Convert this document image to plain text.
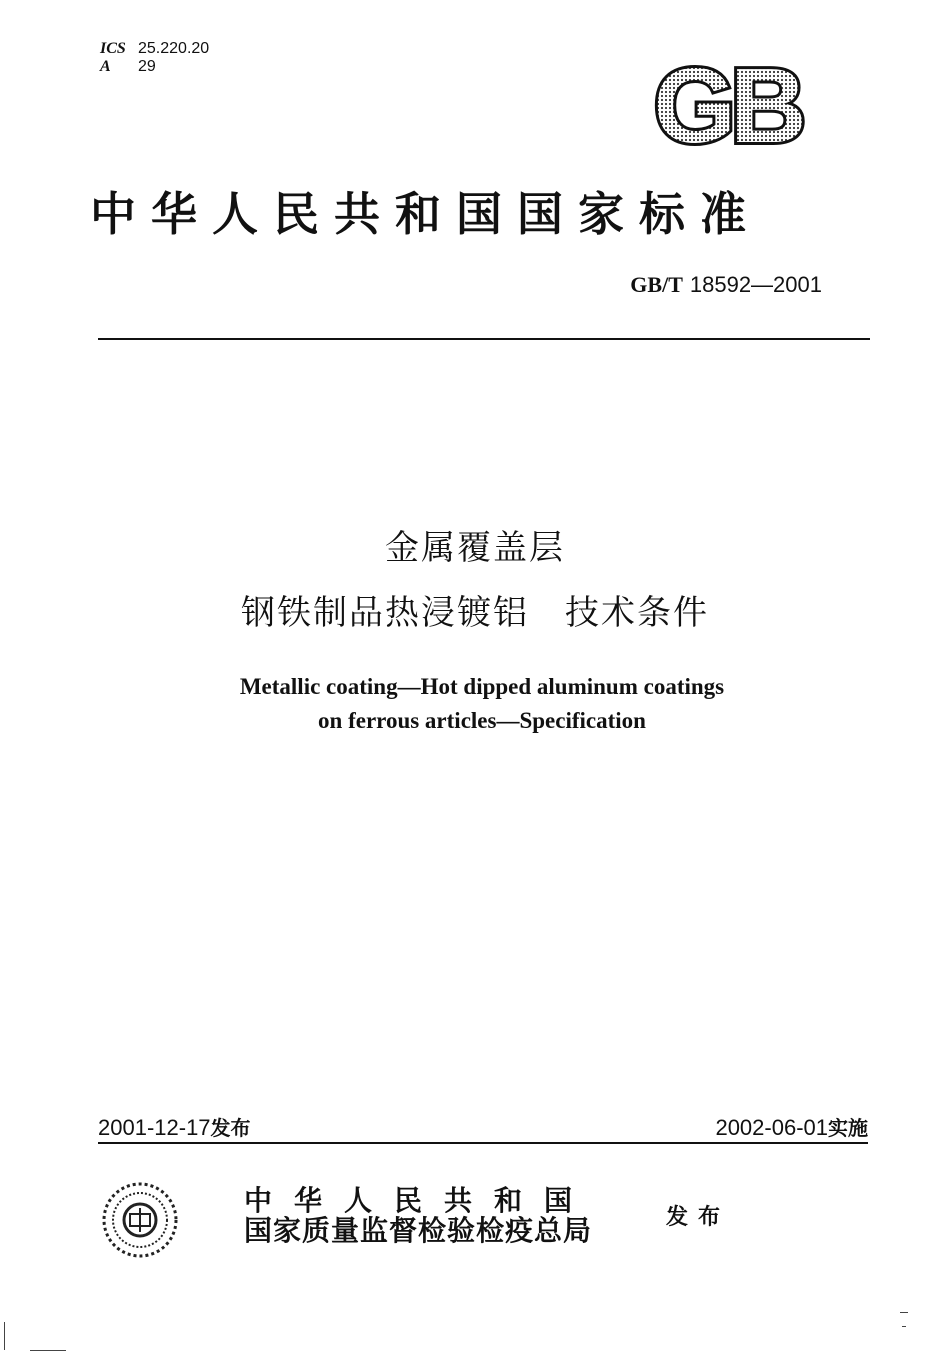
ICS 25.220.20
A 29	GB
中华人民共和国国家标准
GB/T 18592—2001
金属覆盖层
钢铁制品热浸镀铝　技术条件
Metallic coating—Hot dipped aluminum coatings
on ferrous articles—Specification
2001-12-17发布	2002-06-01实施
中华人民共和国
国家质量监督检验检疫总局	发布
